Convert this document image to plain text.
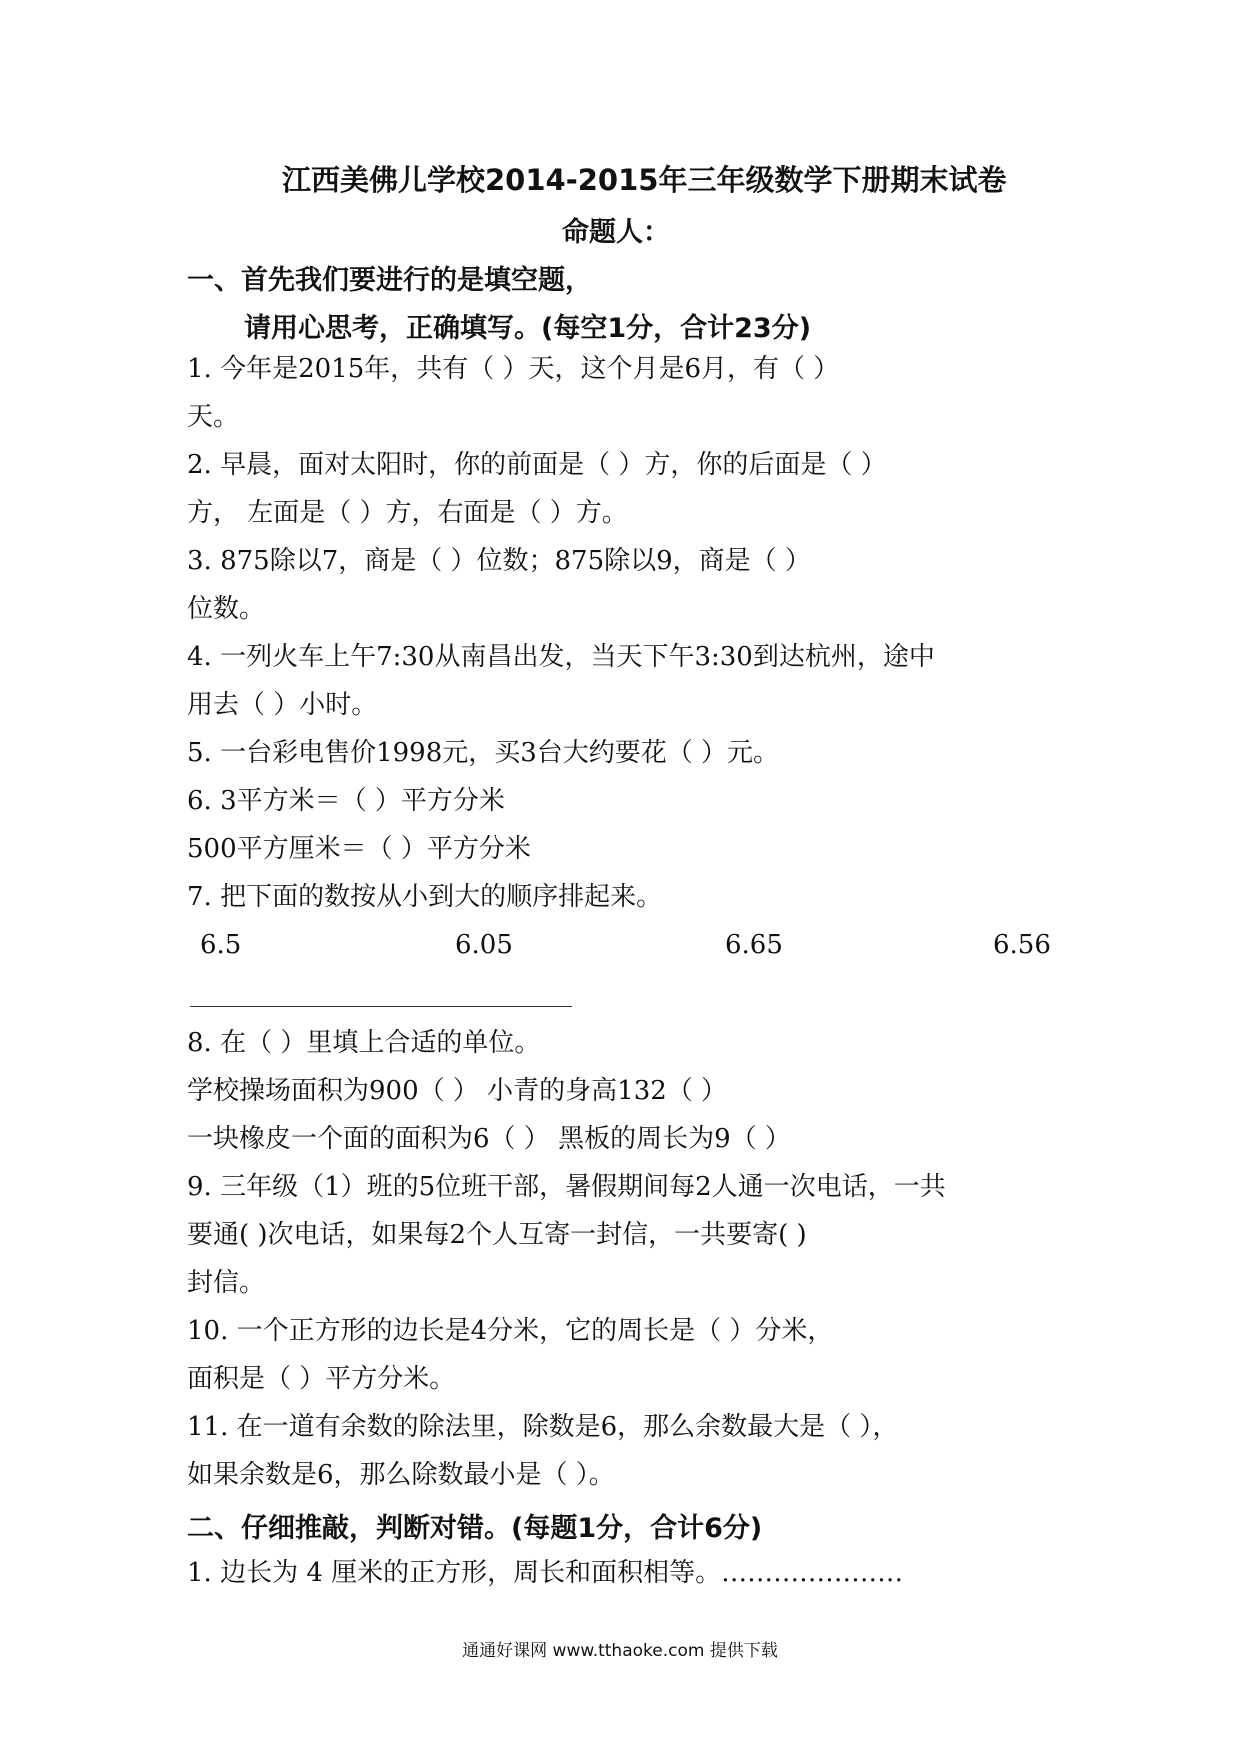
江西美佛儿学校2014-2015年三年级数学下册期末试卷
命题人：
一、首先我们要进行的是填空题，
请用心思考，正确填写。(每空1分，合计23分)
1. 今年是2015年，共有（ ）天，这个月是6月，有（ ）
天。
2. 早晨，面对太阳时，你的前面是（ ）方，你的后面是（ ）
方， 左面是（ ）方，右面是（ ）方。
3. 875除以7，商是（ ）位数；875除以9，商是（ ）
位数。
4. 一列火车上午7:30从南昌出发，当天下午3:30到达杭州，途中
用去（ ）小时。
5. 一台彩电售价1998元，买3台大约要花（ ）元。
6. 3平方米＝（ ）平方分米
500平方厘米＝（ ）平方分米
7. 把下面的数按从小到大的顺序排起来。
6.5	6.05	6.65	6.56
8. 在（ ）里填上合适的单位。
学校操场面积为900（ ） 小青的身高132（ ）
一块橡皮一个面的面积为6（ ） 黑板的周长为9（ ）
9. 三年级（1）班的5位班干部，暑假期间每2人通一次电话，一共
要通( )次电话，如果每2个人互寄一封信，一共要寄( )
封信。
10. 一个正方形的边长是4分米，它的周长是（ ）分米，
面积是（ ）平方分米。
11. 在一道有余数的除法里，除数是6，那么余数最大是（ ），
如果余数是6，那么除数最小是（ ）。
二、仔细推敲，判断对错。(每题1分，合计6分)
1. 边长为 4 厘米的正方形，周长和面积相等。…………………
通通好课网 www.tthaoke.com 提供下载
